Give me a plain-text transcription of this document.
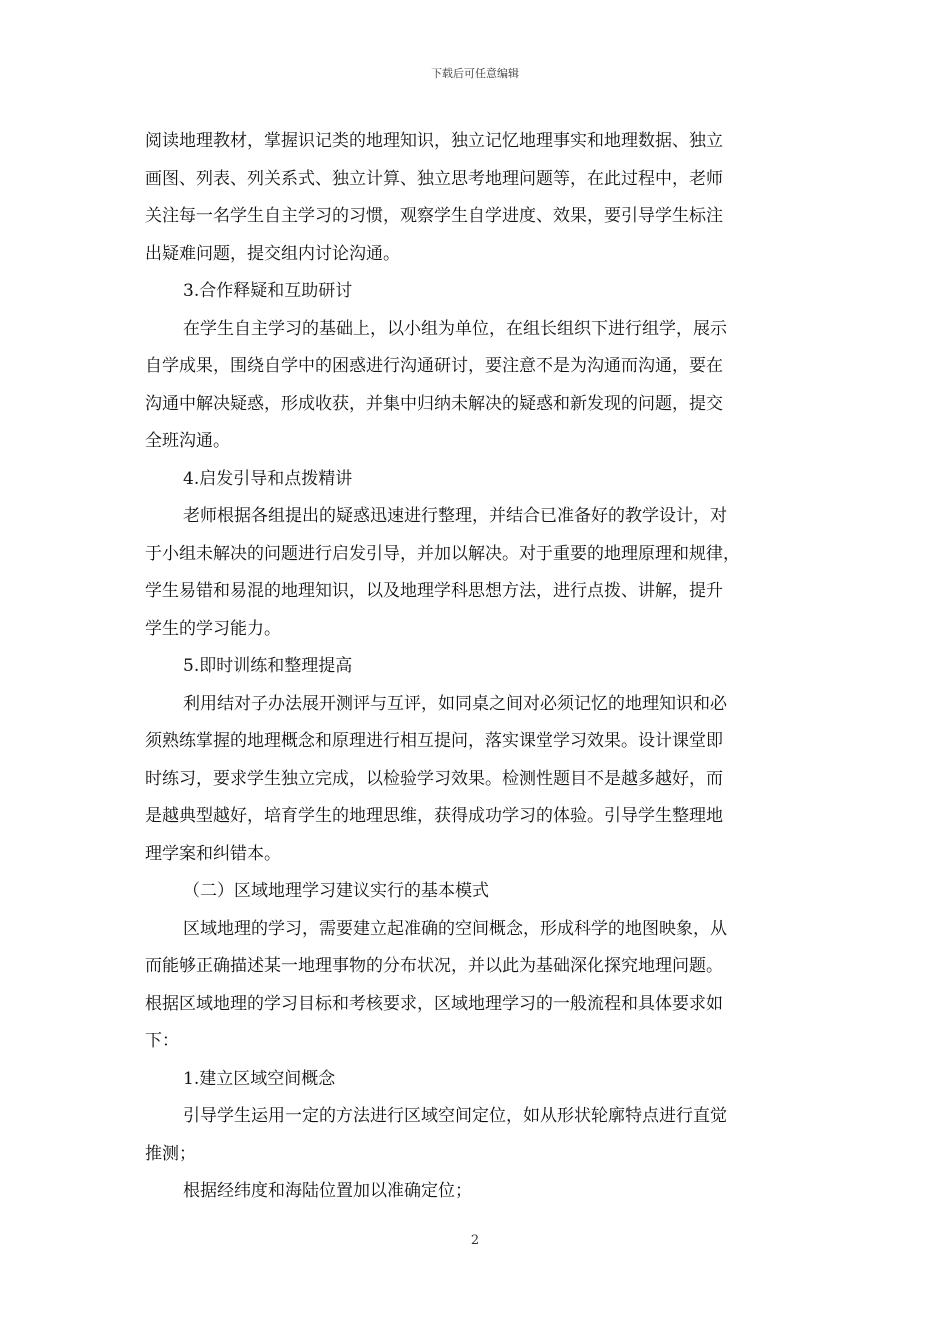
下载后可任意编辑
阅读地理教材，掌握识记类的地理知识，独立记忆地理事实和地理数据、独立
画图、列表、列关系式、独立计算、独立思考地理问题等，在此过程中，老师
关注每一名学生自主学习的习惯，观察学生自学进度、效果，要引导学生标注
出疑难问题，提交组内讨论沟通。
3.合作释疑和互助研讨
在学生自主学习的基础上，以小组为单位，在组长组织下进行组学，展示
自学成果，围绕自学中的困惑进行沟通研讨，要注意不是为沟通而沟通，要在
沟通中解决疑惑，形成收获，并集中归纳未解决的疑惑和新发现的问题，提交
全班沟通。
4.启发引导和点拨精讲
老师根据各组提出的疑惑迅速进行整理，并结合已准备好的教学设计，对
于小组未解决的问题进行启发引导，并加以解决。对于重要的地理原理和规律，
学生易错和易混的地理知识，以及地理学科思想方法，进行点拨、讲解，提升
学生的学习能力。
5.即时训练和整理提高
利用结对子办法展开测评与互评，如同桌之间对必须记忆的地理知识和必
须熟练掌握的地理概念和原理进行相互提问，落实课堂学习效果。设计课堂即
时练习，要求学生独立完成，以检验学习效果。检测性题目不是越多越好，而
是越典型越好，培育学生的地理思维，获得成功学习的体验。引导学生整理地
理学案和纠错本。
（二）区域地理学习建议实行的基本模式
区域地理的学习，需要建立起准确的空间概念，形成科学的地图映象，从
而能够正确描述某一地理事物的分布状况，并以此为基础深化探究地理问题。
根据区域地理的学习目标和考核要求，区域地理学习的一般流程和具体要求如
下：
1.建立区域空间概念
引导学生运用一定的方法进行区域空间定位，如从形状轮廓特点进行直觉
推测；
根据经纬度和海陆位置加以准确定位；
2
